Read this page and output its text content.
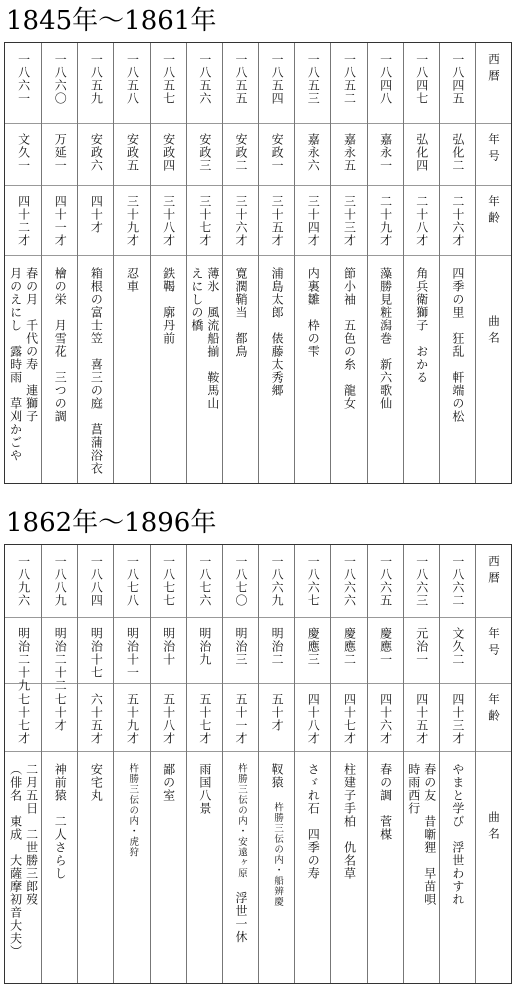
1845年～1861年
西暦
年号
年齢
曲名
一八四五
弘化二
二十六才
四季の里　狂乱　軒端の松
一八四七
弘化四
二十八才
角兵衛獅子　おかる
一八四八
嘉永一
二十九才
藻勝見粧潟巻　新六歌仙
一八五二
嘉永五
三十三才
節小袖　五色の糸　龍女
一八五三
嘉永六
三十四才
内裏雛　枠の雫
一八五四
安政一
三十五才
浦島太郎　俵藤太秀郷
一八五五
安政二
三十六才
寛濶鞘当　都鳥
一八五六
安政三
三十七才
薄氷　風流船揃　鞍馬山
えにしの橋
一八五七
安政四
三十八才
鉄鞨　廓丹前
一八五八
安政五
三十九才
忍車
一八五九
安政六
四十才
箱根の富士笠　喜三の庭　菖蒲浴衣
一八六〇
万延一
四十一才
檜の栄　月雪花　三つの調
一八六一
文久一
四十二才
春の月　千代の寿　連獅子
月のえにし　露時雨　草刈かごや
1862年～1896年
西暦
年号
年齢
曲名
一八六二
文久二
四十三才
やまと学び　浮世わすれ
一八六三
元治一
四十五才
春の友　昔噺狸　早苗唄
時雨西行
一八六五
慶應一
四十六才
春の調　菅楳
一八六六
慶應二
四十七才
柱建子手柏　仇名草
一八六七
慶應三
四十八才
さゞれ石　四季の寿
一八六九
明治二
五十才
靫猿　杵勝三伝の内・船辨慶
一八七〇
明治三
五十一才
杵勝三伝の内・安遠ヶ原　浮世一休
一八七六
明治九
五十七才
雨国八景
一八七七
明治十
五十八才
鄙の室
一八七八
明治十一
五十九才
杵勝三伝の内・虎狩
一八八四
明治十七
六十五才
安宅丸
一八八九
明治二十二
七十才
神前猿　二人さらし
一八九六
明治二十九
七十七才
二月五日　二世勝三郎歿
（俳名　東成　大薩摩初音大夫）
